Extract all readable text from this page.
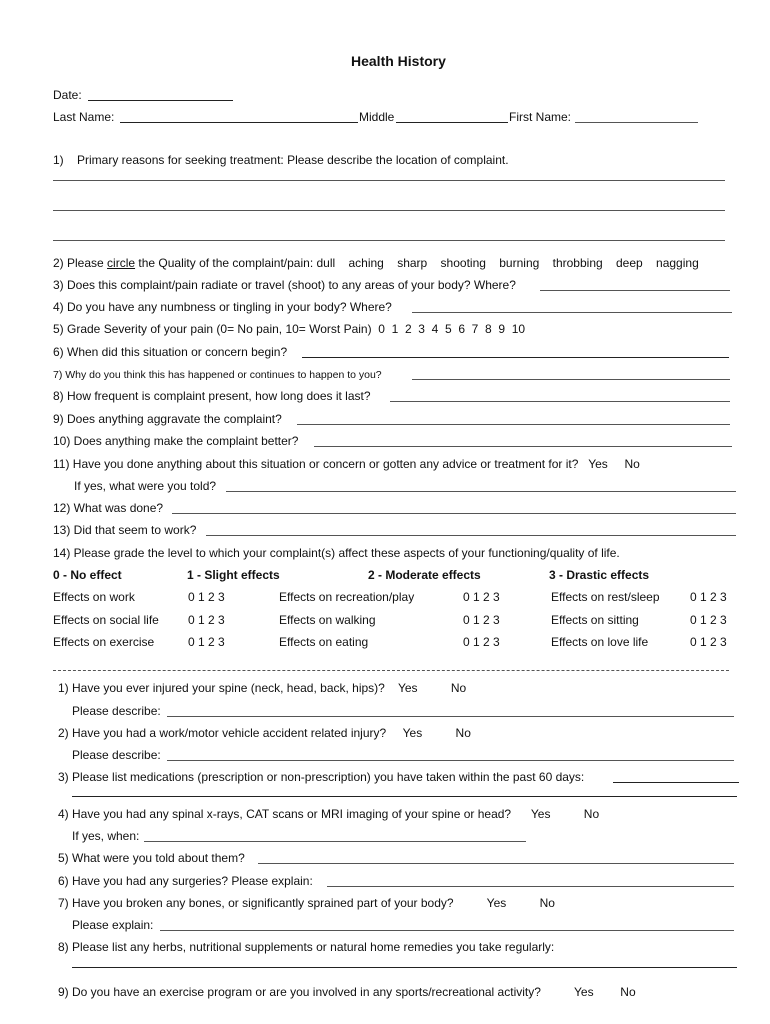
Health History
Date:
Last Name:	Middle	First Name:
1)    Primary reasons for seeking treatment: Please describe the location of complaint.
2) Please circle the Quality of the complaint/pain: dull    aching    sharp    shooting    burning    throbbing    deep    nagging
3) Does this complaint/pain radiate or travel (shoot) to any areas of your body? Where?
4) Do you have any numbness or tingling in your body? Where?
5) Grade Severity of your pain (0= No pain, 10= Worst Pain)  0  1  2  3  4  5  6  7  8  9  10
6) When did this situation or concern begin?
7) Why do you think this has happened or continues to happen to you?
8) How frequent is complaint present, how long does it last?
9) Does anything aggravate the complaint?
10) Does anything make the complaint better?
11) Have you done anything about this situation or concern or gotten any advice or treatment for it?   Yes     No
If yes, what were you told?
12) What was done?
13) Did that seem to work?
14) Please grade the level to which your complaint(s) affect these aspects of your functioning/quality of life.
0 - No effect	1 - Slight effects	2 - Moderate effects	3 - Drastic effects
Effects on work	0 1 2 3	Effects on recreation/play	0 1 2 3	Effects on rest/sleep	0 1 2 3
Effects on social life 0 1 2 3	Effects on walking	0 1 2 3	Effects on sitting	0 1 2 3
Effects on exercise	0 1 2 3	Effects on eating	0 1 2 3	Effects on love life	0 1 2 3
1) Have you ever injured your spine (neck, head, back, hips)?    Yes          No
Please describe:
2) Have you had a work/motor vehicle accident related injury?     Yes          No
Please describe:
3) Please list medications (prescription or non-prescription) you have taken within the past 60 days:
4) Have you had any spinal x-rays, CAT scans or MRI imaging of your spine or head?      Yes          No
If yes, when:
5) What were you told about them?
6) Have you had any surgeries? Please explain:
7) Have you broken any bones, or significantly sprained part of your body?          Yes          No
Please explain:
8) Please list any herbs, nutritional supplements or natural home remedies you take regularly:
9) Do you have an exercise program or are you involved in any sports/recreational activity?          Yes        No
